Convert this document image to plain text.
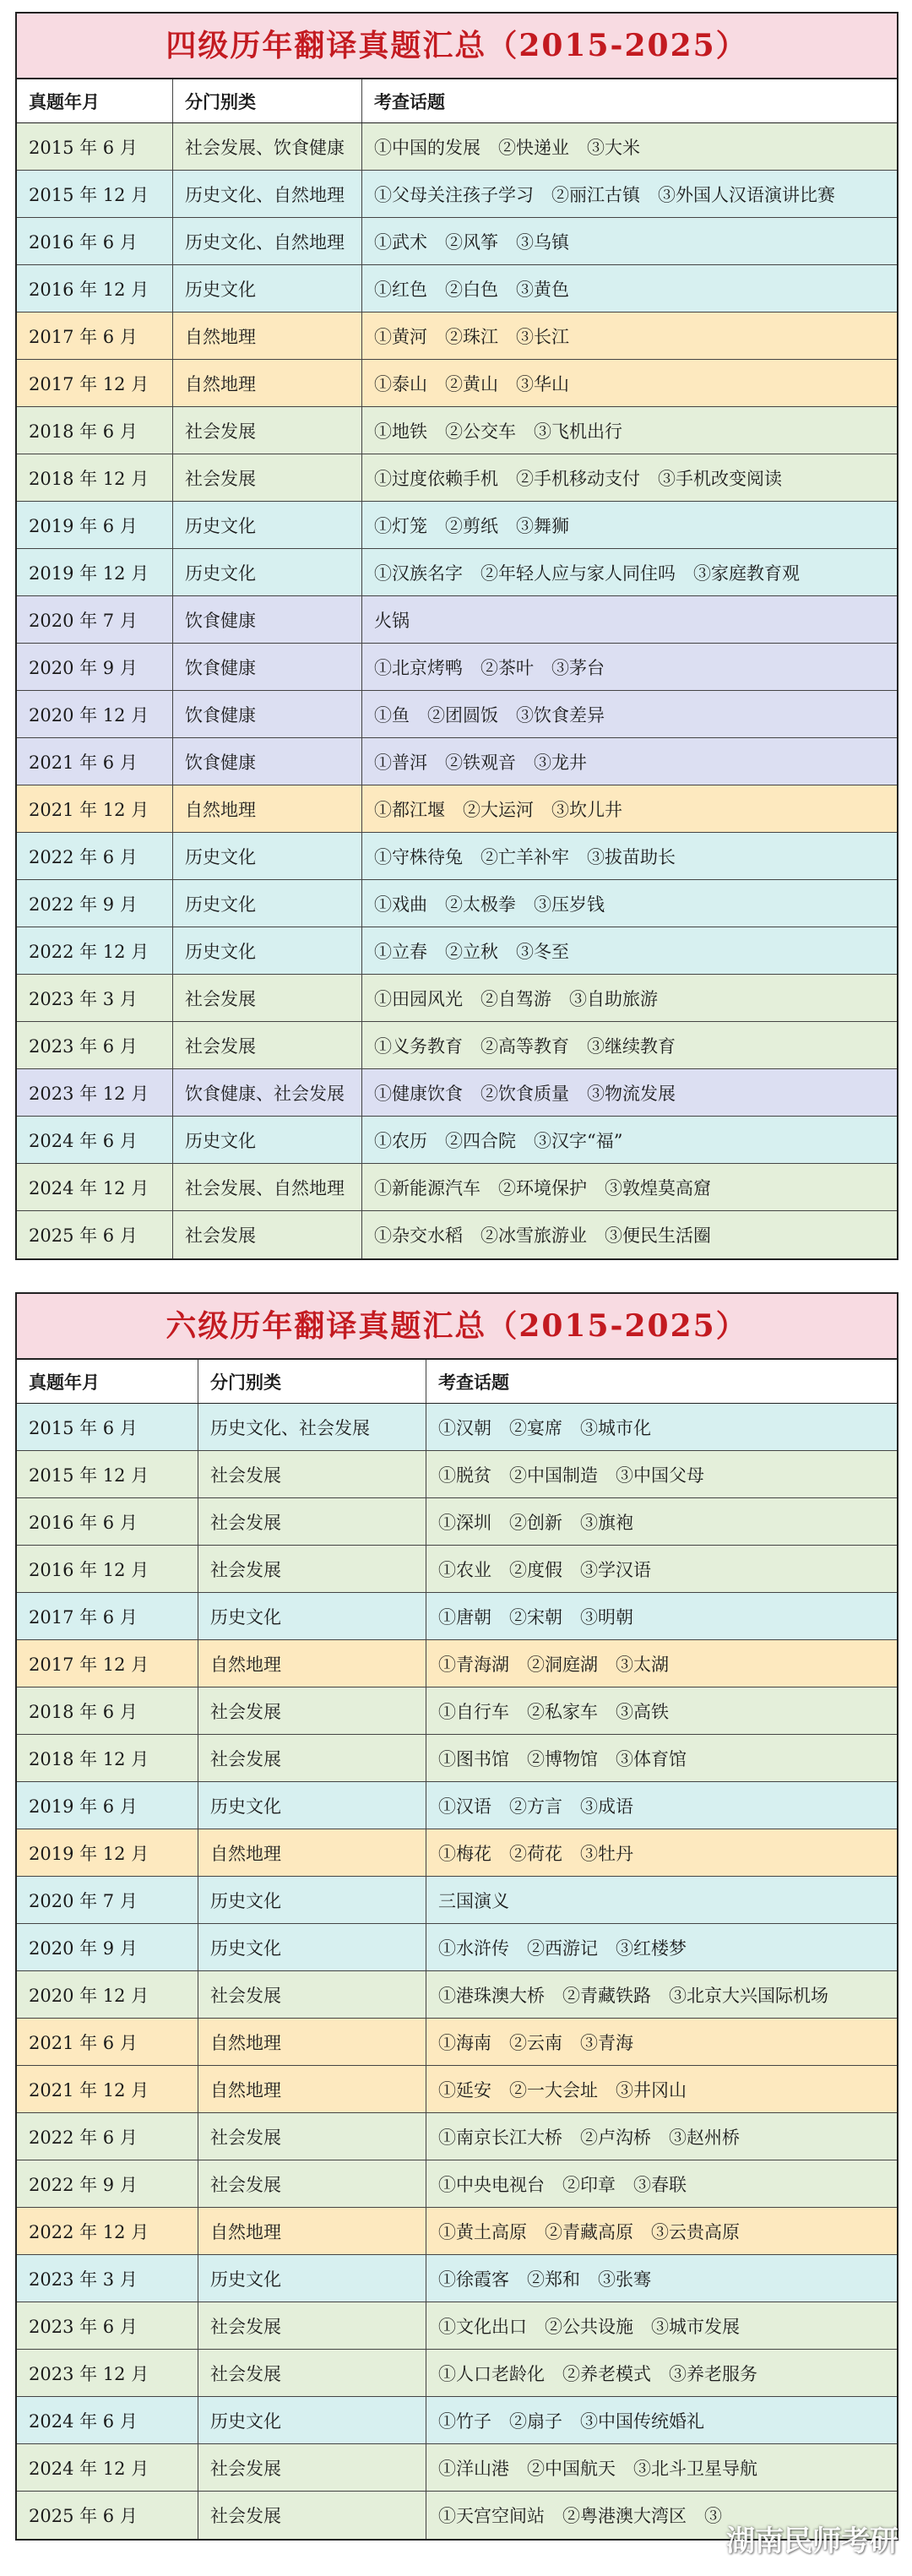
四级历年翻译真题汇总（2015-2025）
真题年月	分门别类	考查话题
2015 年 6 月	社会发展、饮食健康	①中国的发展　②快递业　③大米
2015 年 12 月	历史文化、自然地理	①父母关注孩子学习　②丽江古镇　③外国人汉语演讲比赛
2016 年 6 月	历史文化、自然地理	①武术　②风筝　③乌镇
2016 年 12 月	历史文化	①红色　②白色　③黄色
2017 年 6 月	自然地理	①黄河　②珠江　③长江
2017 年 12 月	自然地理	①泰山　②黄山　③华山
2018 年 6 月	社会发展	①地铁　②公交车　③飞机出行
2018 年 12 月	社会发展	①过度依赖手机　②手机移动支付　③手机改变阅读
2019 年 6 月	历史文化	①灯笼　②剪纸　③舞狮
2019 年 12 月	历史文化	①汉族名字　②年轻人应与家人同住吗　③家庭教育观
2020 年 7 月	饮食健康	火锅
2020 年 9 月	饮食健康	①北京烤鸭　②茶叶　③茅台
2020 年 12 月	饮食健康	①鱼　②团圆饭　③饮食差异
2021 年 6 月	饮食健康	①普洱　②铁观音　③龙井
2021 年 12 月	自然地理	①都江堰　②大运河　③坎儿井
2022 年 6 月	历史文化	①守株待兔　②亡羊补牢　③拔苗助长
2022 年 9 月	历史文化	①戏曲　②太极拳　③压岁钱
2022 年 12 月	历史文化	①立春　②立秋　③冬至
2023 年 3 月	社会发展	①田园风光　②自驾游　③自助旅游
2023 年 6 月	社会发展	①义务教育　②高等教育　③继续教育
2023 年 12 月	饮食健康、社会发展	①健康饮食　②饮食质量　③物流发展
2024 年 6 月	历史文化	①农历　②四合院　③汉字“福”
2024 年 12 月	社会发展、自然地理	①新能源汽车　②环境保护　③敦煌莫高窟
2025 年 6 月	社会发展	①杂交水稻　②冰雪旅游业　③便民生活圈
六级历年翻译真题汇总（2015-2025）
真题年月	分门别类	考查话题
2015 年 6 月	历史文化、社会发展	①汉朝　②宴席　③城市化
2015 年 12 月	社会发展	①脱贫　②中国制造　③中国父母
2016 年 6 月	社会发展	①深圳　②创新　③旗袍
2016 年 12 月	社会发展	①农业　②度假　③学汉语
2017 年 6 月	历史文化	①唐朝　②宋朝　③明朝
2017 年 12 月	自然地理	①青海湖　②洞庭湖　③太湖
2018 年 6 月	社会发展	①自行车　②私家车　③高铁
2018 年 12 月	社会发展	①图书馆　②博物馆　③体育馆
2019 年 6 月	历史文化	①汉语　②方言　③成语
2019 年 12 月	自然地理	①梅花　②荷花　③牡丹
2020 年 7 月	历史文化	三国演义
2020 年 9 月	历史文化	①水浒传　②西游记　③红楼梦
2020 年 12 月	社会发展	①港珠澳大桥　②青藏铁路　③北京大兴国际机场
2021 年 6 月	自然地理	①海南　②云南　③青海
2021 年 12 月	自然地理	①延安　②一大会址　③井冈山
2022 年 6 月	社会发展	①南京长江大桥　②卢沟桥　③赵州桥
2022 年 9 月	社会发展	①中央电视台　②印章　③春联
2022 年 12 月	自然地理	①黄土高原　②青藏高原　③云贵高原
2023 年 3 月	历史文化	①徐霞客　②郑和　③张骞
2023 年 6 月	社会发展	①文化出口　②公共设施　③城市发展
2023 年 12 月	社会发展	①人口老龄化　②养老模式　③养老服务
2024 年 6 月	历史文化	①竹子　②扇子　③中国传统婚礼
2024 年 12 月	社会发展	①洋山港　②中国航天　③北斗卫星导航
2025 年 6 月	社会发展	①天宫空间站　②粤港澳大湾区　③
湖南民师考研
